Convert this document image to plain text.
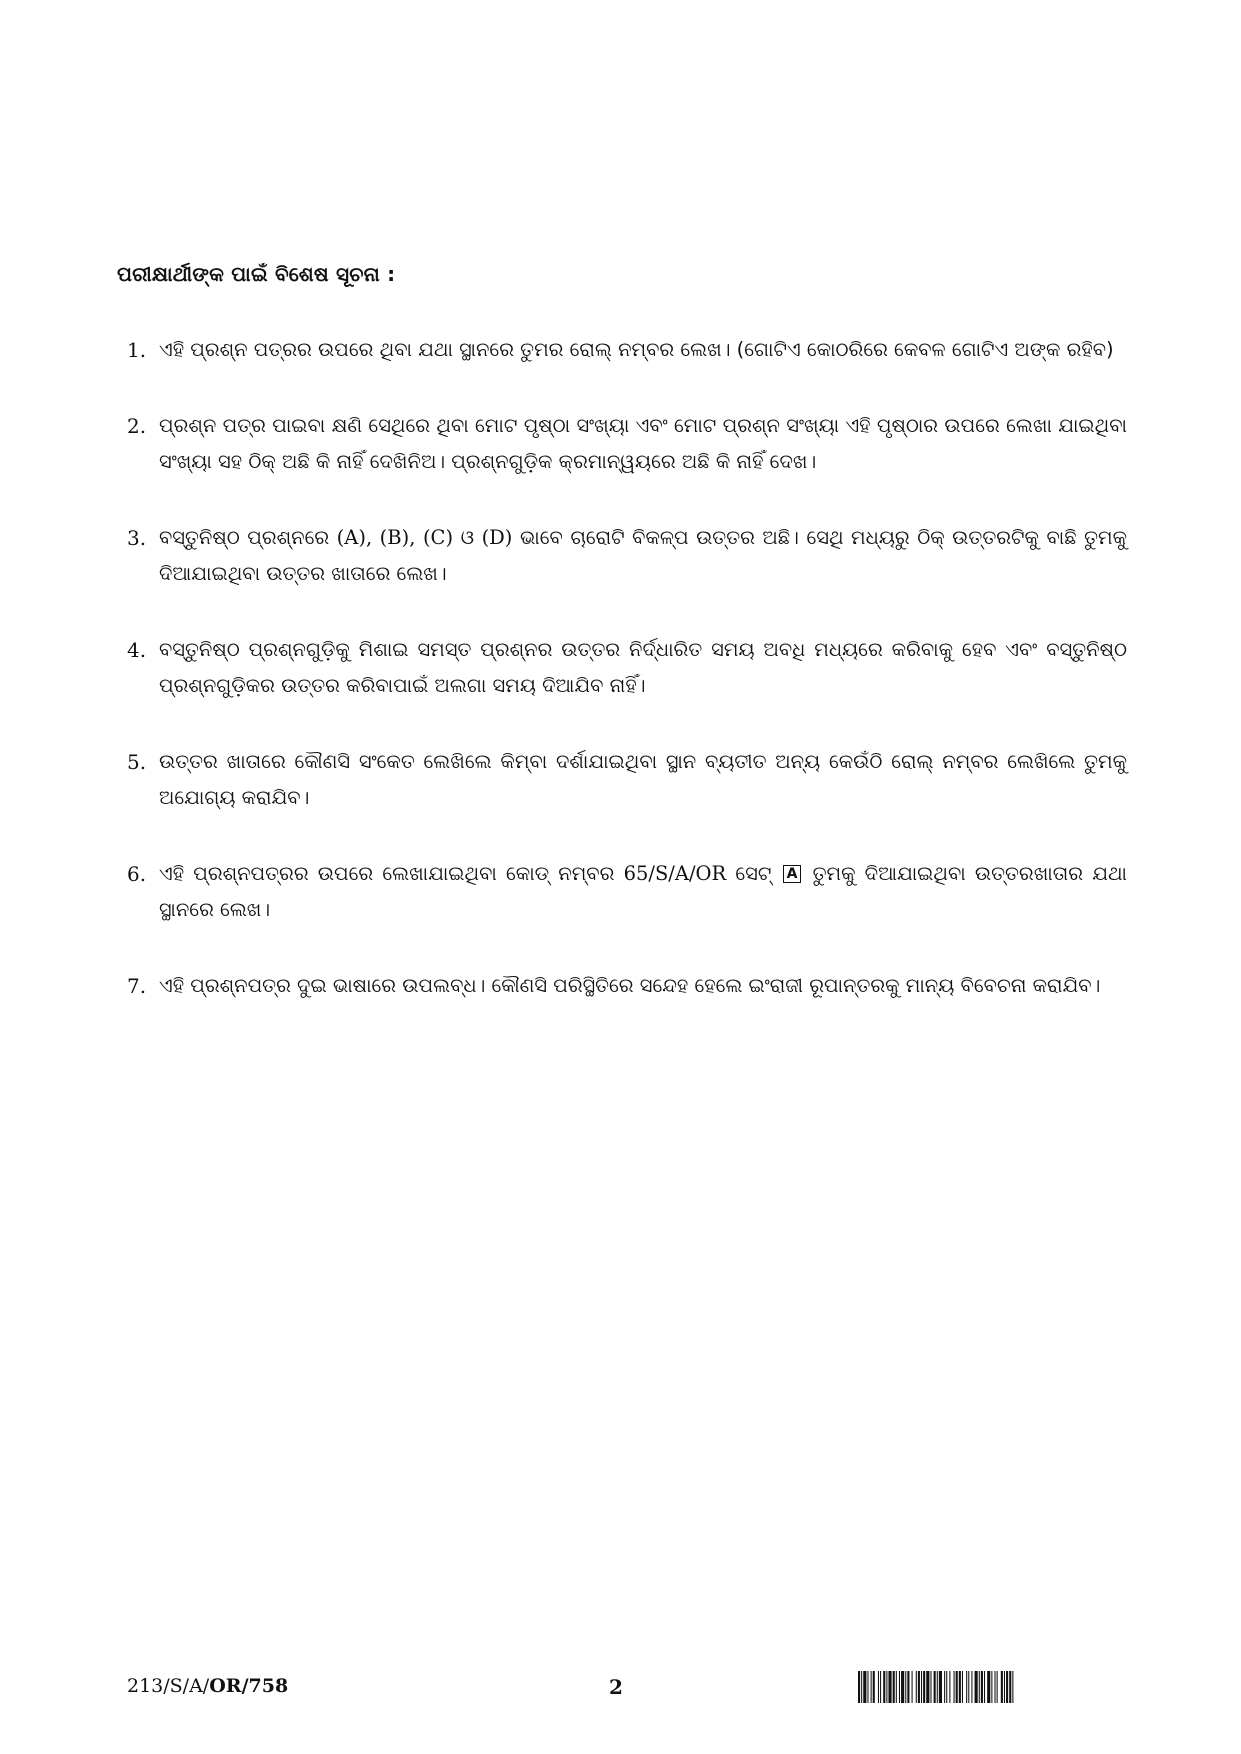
ପରୀକ୍ଷାର୍ଥୀଙ୍କ ପାଇଁ ବିଶେଷ ସୂଚନା :
1. ଏହି ପ୍ରଶ୍ନ ପତ୍ରର ଉପରେ ଥିବା ଯଥା ସ୍ଥାନରେ ତୁମର ରୋଲ୍ ନମ୍ବର ଲେଖ। (ଗୋଟିଏ କୋଠରିରେ କେବଳ ଗୋଟିଏ ଅଙ୍କ ରହିବ)
2. ପ୍ରଶ୍ନ ପତ୍ର ପାଇବା କ୍ଷଣି ସେଥିରେ ଥିବା ମୋଟ ପୃଷ୍ଠା ସଂଖ୍ୟା ଏବଂ ମୋଟ ପ୍ରଶ୍ନ ସଂଖ୍ୟା ଏହି ପୃଷ୍ଠାର ଉପରେ ଲେଖା ଯାଇଥିବା ସଂଖ୍ୟା ସହ ଠିକ୍ ଅଛି କି ନାହିଁ ଦେଖିନିଅ। ପ୍ରଶ୍ନଗୁଡ଼ିକ କ୍ରମାନ୍ୱୟରେ ଅଛି କି ନାହିଁ ଦେଖ।
3. ବସ୍ତୁନିଷ୍ଠ ପ୍ରଶ୍ନରେ (A), (B), (C) ଓ (D) ଭାବେ ଚାରୋଟି ବିକଳ୍ପ ଉତ୍ତର ଅଛି। ସେଥି ମଧ୍ୟରୁ ଠିକ୍ ଉତ୍ତରଟିକୁ ବାଛି ତୁମକୁ ଦିଆଯାଇଥିବା ଉତ୍ତର ଖାତାରେ ଲେଖ।
4. ବସ୍ତୁନିଷ୍ଠ ପ୍ରଶ୍ନଗୁଡ଼ିକୁ ମିଶାଇ ସମସ୍ତ ପ୍ରଶ୍ନର ଉତ୍ତର ନିର୍ଦ୍ଧାରିତ ସମୟ ଅବଧି ମଧ୍ୟରେ କରିବାକୁ ହେବ ଏବଂ ବସ୍ତୁନିଷ୍ଠ ପ୍ରଶ୍ନଗୁଡ଼ିକର ଉତ୍ତର କରିବାପାଇଁ ଅଲଗା ସମୟ ଦିଆଯିବ ନାହିଁ।
5. ଉତ୍ତର ଖାତାରେ କୌଣସି ସଂକେତ ଲେଖିଲେ କିମ୍ବା ଦର୍ଶାଯାଇଥିବା ସ୍ଥାନ ବ୍ୟତୀତ ଅନ୍ୟ କେଉଁଠି ରୋଲ୍ ନମ୍ବର ଲେଖିଲେ ତୁମକୁ ଅଯୋଗ୍ୟ କରାଯିବ।
6. ଏହି ପ୍ରଶ୍ନପତ୍ରର ଉପରେ ଲେଖାଯାଇଥିବା କୋଡ୍ ନମ୍ବର 65/S/A/OR ସେଟ୍ A ତୁମକୁ ଦିଆଯାଇଥିବା ଉତ୍ତରଖାତାର ଯଥା ସ୍ଥାନରେ ଲେଖ।
7. ଏହି ପ୍ରଶ୍ନପତ୍ର ଦୁଇ ଭାଷାରେ ଉପଲବ୍ଧ। କୌଣସି ପରିସ୍ଥିତିରେ ସନ୍ଦେହ ହେଲେ ଇଂରାଜୀ ରୂପାନ୍ତରକୁ ମାନ୍ୟ ବିବେଚନା କରାଯିବ।
213/S/A/OR/758	2
